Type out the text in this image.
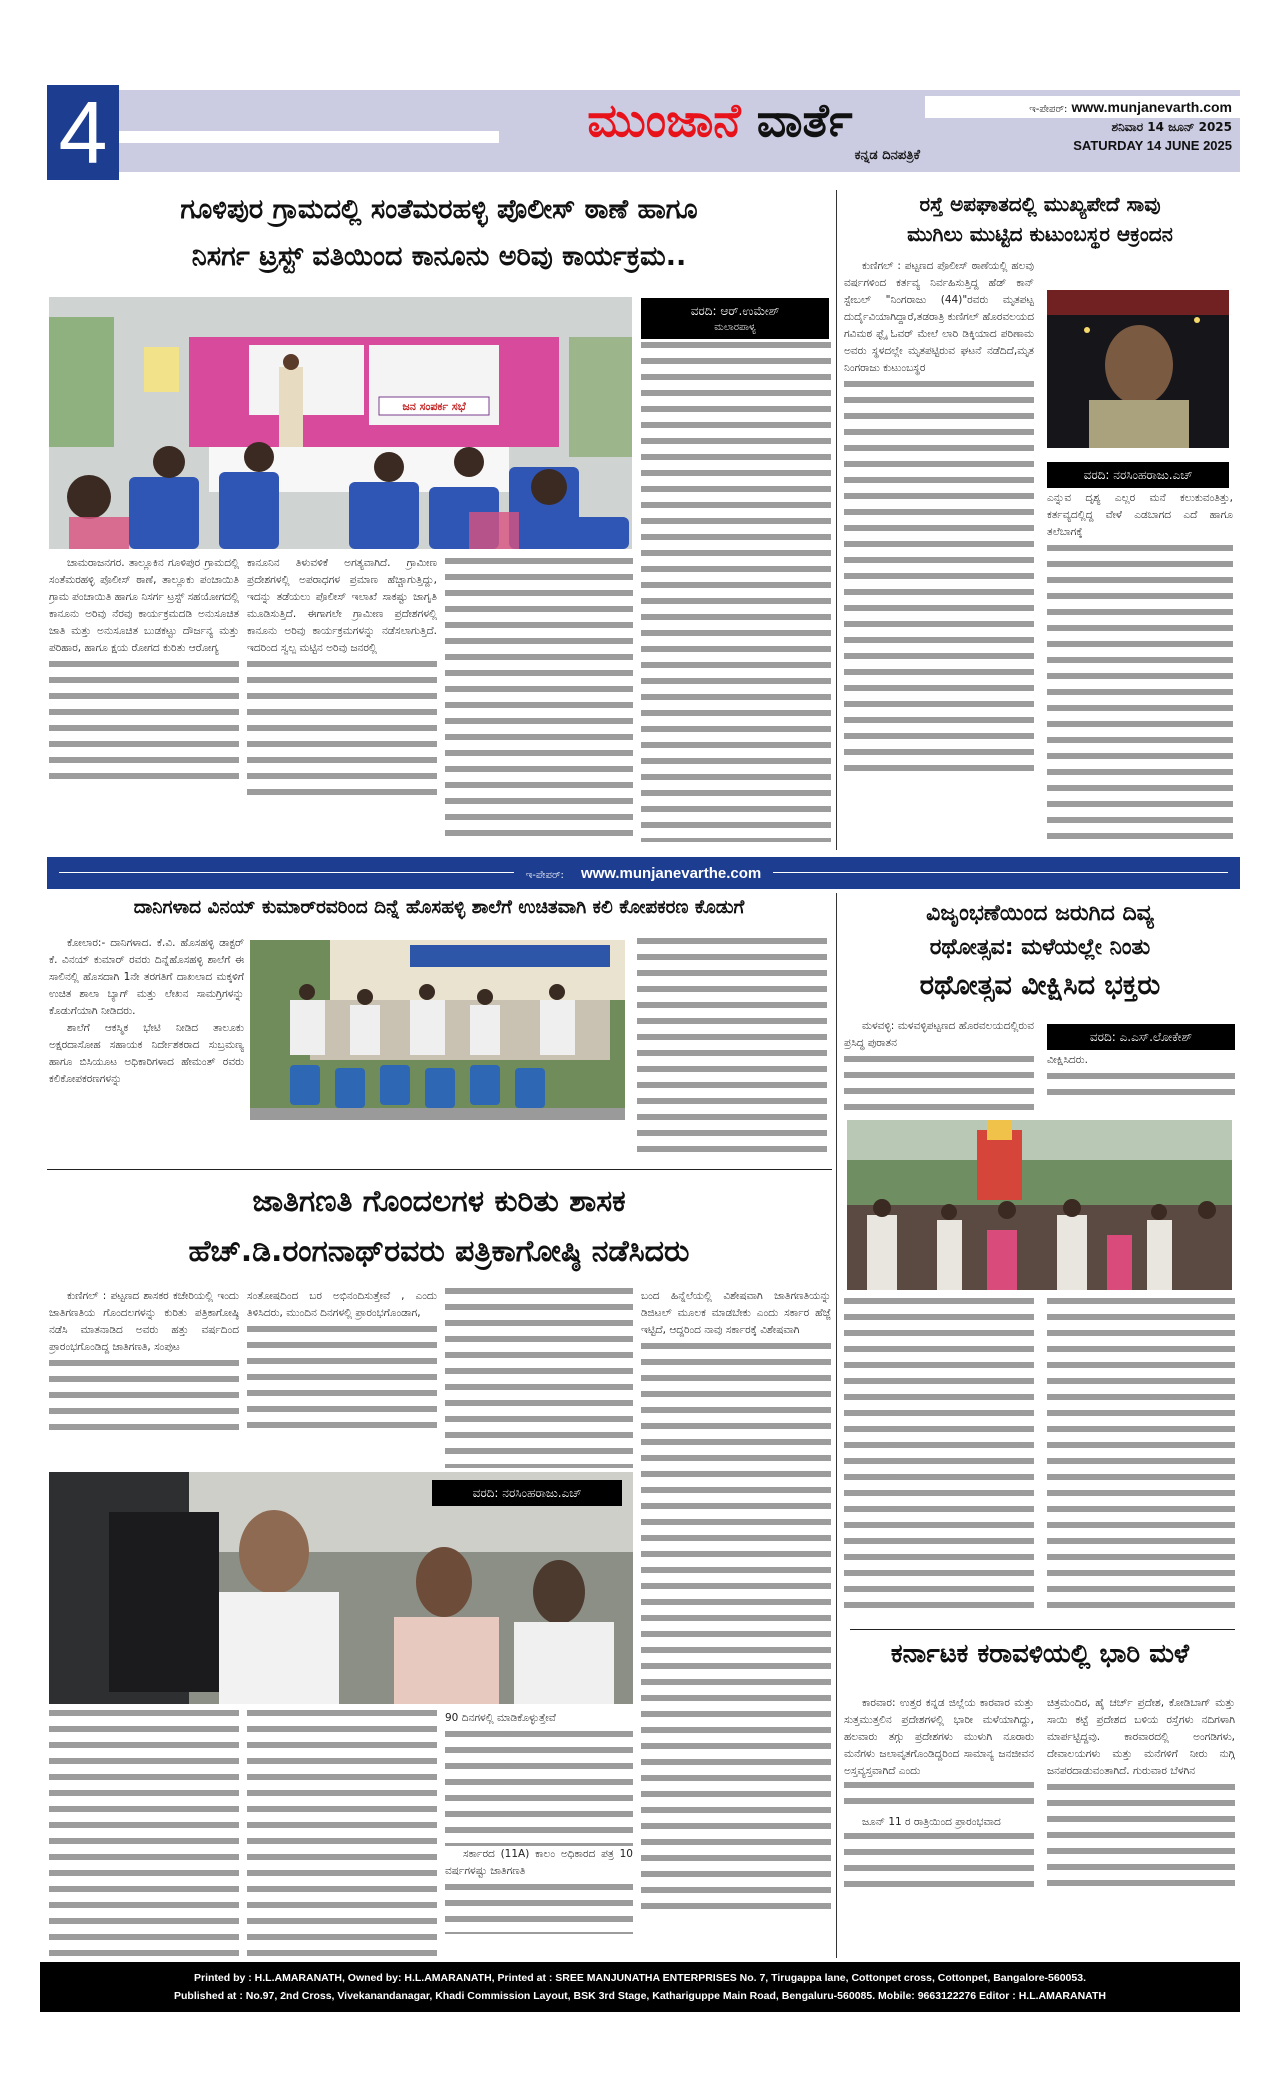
4	ಮುಂಜಾನೆ ವಾರ್ತೆ
ಕನ್ನಡ ದಿನಪತ್ರಿಕೆ
ಇ-ಪೇಪರ್: www.munjanevarth.com
ಶನಿವಾರ 14 ಜೂನ್ 2025
SATURDAY 14 JUNE 2025
ಗೂಳಿಪುರ ಗ್ರಾಮದಲ್ಲಿ ಸಂತೆಮರಹಳ್ಳಿ ಪೊಲೀಸ್ ಠಾಣೆ ಹಾಗೂ
ನಿಸರ್ಗ ಟ್ರಸ್ಟ್ ವತಿಯಿಂದ ಕಾನೂನು ಅರಿವು ಕಾರ್ಯಕ್ರಮ..
ಜನ ಸಂಪರ್ಕ ಸಭೆ
ವರದಿ: ಆರ್.ಉಮೇಶ್
ಮಲಾರಪಾಳ್ಯ

ಚಾಮರಾಜನಗರ. ತಾಲ್ಲೂಕಿನ ಗೂಳಿಪುರ ಗ್ರಾಮದಲ್ಲಿ ಸಂತೆಮರಹಳ್ಳಿ ಪೊಲೀಸ್ ಠಾಣೆ, ತಾಲ್ಲೂಕು ಪಂಚಾಯಿತಿ ಗ್ರಾಮ ಪಂಚಾಯಿತಿ ಹಾಗೂ ನಿಸರ್ಗ ಟ್ರಸ್ಟ್ ಸಹಯೋಗದಲ್ಲಿ ಕಾನೂನು ಅರಿವು ನೆರವು ಕಾರ್ಯಕ್ರಮದಡಿ ಅನುಸೂಚಿತ ಜಾತಿ ಮತ್ತು ಅನುಸೂಚಿತ ಬುಡಕಟ್ಟು ದೌರ್ಜನ್ಯ ಮತ್ತು ಪರಿಹಾರ, ಹಾಗೂ ಕ್ಷಯ ರೋಗದ ಕುರಿತು ಆರೋಗ್ಯ

ಕಾನೂನಿನ ತಿಳುವಳಿಕೆ ಅಗತ್ಯವಾಗಿದೆ. ಗ್ರಾಮೀಣ ಪ್ರದೇಶಗಳಲ್ಲಿ ಅಪರಾಧಗಳ ಪ್ರಮಾಣ ಹೆಚ್ಚಾಗುತ್ತಿದ್ದು, ಇದನ್ನು ತಡೆಯಲು ಪೊಲೀಸ್ ಇಲಾಖೆ ಸಾಕಷ್ಟು ಜಾಗೃತಿ ಮೂಡಿಸುತ್ತಿದೆ. ಈಗಾಗಲೇ ಗ್ರಾಮೀಣ ಪ್ರದೇಶಗಳಲ್ಲಿ ಕಾನೂನು ಅರಿವು ಕಾರ್ಯಕ್ರಮಗಳನ್ನು ನಡೆಸಲಾಗುತ್ತಿದೆ. ಇದರಿಂದ ಸ್ವಲ್ಪ ಮಟ್ಟಿನ ಅರಿವು ಜನರಲ್ಲಿ

ರಸ್ತೆ ಅಪಘಾತದಲ್ಲಿ ಮುಖ್ಯಪೇದೆ ಸಾವು
ಮುಗಿಲು ಮುಟ್ಟಿದ ಕುಟುಂಬಸ್ಥರ ಆಕ್ರಂದನ

ಕುಣಿಗಲ್ : ಪಟ್ಟಣದ ಪೊಲೀಸ್ ಠಾಣೆಯಲ್ಲಿ ಹಲವು ವರ್ಷಗಳಿಂದ ಕರ್ತವ್ಯ ನಿರ್ವಹಿಸುತ್ತಿದ್ದ ಹೆಡ್ ಕಾನ್ ಸ್ಟೇಬಲ್ "ನಿಂಗರಾಜು (44)"ರವರು ಮೃತಪಟ್ಟ ದುರ್ದೈವಿಯಾಗಿದ್ದಾರೆ,ತಡರಾತ್ರಿ ಕುಣಿಗಲ್ ಹೊರವಲಯದ ಗವಿಮಠ ಫ್ಲೈ ಓವರ್ ಮೇಲೆ ಲಾರಿ ಡಿಕ್ಕಿಯಾದ ಪರಿಣಾಮ ಅವರು ಸ್ಥಳದಲ್ಲೇ ಮೃತಪಟ್ಟಿರುವ ಘಟನೆ ನಡೆದಿದೆ,ಮೃತ ನಿಂಗರಾಜು ಕುಟುಂಬಸ್ಥರ

ವರದಿ: ನರಸಿಂಹರಾಜು.ಎಚ್

ಎನ್ನುವ ದೃಶ್ಯ ಎಲ್ಲರ ಮನೆ ಕಲುಕುವಂತಿತ್ತು, ಕರ್ತವ್ಯದಲ್ಲಿದ್ದ ವೇಳೆ ಎಡಬಾಗದ ಎದೆ ಹಾಗೂ ತಲೆಬಾಗಕ್ಕೆ

ಇ-ಪೇಪರ್: www.munjanevarthe.com
ದಾನಿಗಳಾದ ವಿನಯ್ ಕುಮಾರ್‌ರವರಿಂದ ದಿನ್ನೆ ಹೊಸಹಳ್ಳಿ ಶಾಲೆಗೆ ಉಚಿತವಾಗಿ ಕಲಿ ಕೋಪಕರಣ ಕೊಡುಗೆ

ಕೋಲಾರ:- ದಾನಿಗಳಾದ. ಕೆ.ವಿ. ಹೊಸಹಳ್ಳಿ ಡಾಕ್ಟರ್ ಕೆ. ವಿನಯ್ ಕುಮಾರ್ ರವರು ದಿನ್ನೆಹೊಸಹಳ್ಳಿ ಶಾಲೆಗೆ ಈ ಸಾಲಿನಲ್ಲಿ ಹೊಸದಾಗಿ 1ನೇ ತರಗತಿಗೆ ದಾಖಲಾದ ಮಕ್ಕಳಿಗೆ ಉಚಿತ ಶಾಲಾ ಬ್ಯಾಗ್ ಮತ್ತು ಲೇಖನ ಸಾಮಗ್ರಿಗಳನ್ನು ಕೊಡುಗೆಯಾಗಿ ನೀಡಿದರು.

ಶಾಲೆಗೆ ಆಕಸ್ಮಿಕ ಭೇಟಿ ನೀಡಿದ ತಾಲೂಕು ಅಕ್ಷರದಾಸೋಹ ಸಹಾಯಕ ನಿರ್ದೇಶಕರಾದ ಸುಬ್ರಮಣ್ಯ ಹಾಗೂ ಬಿಸಿಯೂಟ ಅಧಿಕಾರಿಗಳಾದ ಹೇಮಂತ್ ರವರು ಕಲಿಕೋಪಕರಣಗಳನ್ನು

ವಿಜೃಂಭಣೆಯಿಂದ ಜರುಗಿದ ದಿವ್ಯ
ರಥೋತ್ಸವ: ಮಳೆಯಲ್ಲೇ ನಿಂತು
ರಥೋತ್ಸವ ವೀಕ್ಷಿಸಿದ ಭಕ್ತರು

ಮಳವಳ್ಳಿ: ಮಳವಳ್ಳಿಪಟ್ಟಣದ ಹೊರವಲಯದಲ್ಲಿರುವ ಪ್ರಸಿದ್ಧ ಪುರಾತನ	ವರದಿ: ಎ.ಎಸ್.ಲೋಕೇಶ್

ವೀಕ್ಷಿಸಿದರು.

ಕರ್ನಾಟಕ ಕರಾವಳಿಯಲ್ಲಿ ಭಾರಿ ಮಳೆ

ಕಾರವಾರ: ಉತ್ತರ ಕನ್ನಡ ಜಿಲ್ಲೆಯ ಕಾರವಾರ ಮತ್ತು ಸುತ್ತಮುತ್ತಲಿನ ಪ್ರದೇಶಗಳಲ್ಲಿ ಭಾರೀ ಮಳೆಯಾಗಿದ್ದು, ಹಲವಾರು ತಗ್ಗು ಪ್ರದೇಶಗಳು ಮುಳುಗಿ ನೂರಾರು ಮನೆಗಳು ಜಲಾವೃತಗೊಂಡಿದ್ದರಿಂದ ಸಾಮಾನ್ಯ ಜನಜೀವನ ಅಸ್ತವ್ಯಸ್ತವಾಗಿದೆ ಎಂದು

ಜೂನ್ 11 ರ ರಾತ್ರಿಯಿಂದ ಪ್ರಾರಂಭವಾದ

ಚಿತ್ರಮಂದಿರ, ಹೈ ಚರ್ಚ್ ಪ್ರದೇಶ, ಕೋಡಿಬಾಗ್ ಮತ್ತು ಸಾಯಿ ಕಟ್ಟೆ ಪ್ರದೇಶದ ಬಳಿಯ ರಸ್ತೆಗಳು ನದಿಗಳಾಗಿ ಮಾರ್ಪಟ್ಟಿದ್ದವು. ಕಾರವಾರದಲ್ಲಿ ಅಂಗಡಿಗಳು, ದೇವಾಲಯಗಳು ಮತ್ತು ಮನೆಗಳಿಗೆ ನೀರು ನುಗ್ಗಿ ಜನಪರದಾಡುವಂತಾಗಿದೆ. ಗುರುವಾರ ಬೆಳಗಿನ

ಜಾತಿಗಣತಿ ಗೊಂದಲಗಳ ಕುರಿತು ಶಾಸಕ
ಹೆಚ್.ಡಿ.ರಂಗನಾಥ್‌ರವರು ಪತ್ರಿಕಾಗೋಷ್ಠಿ ನಡೆಸಿದರು

ಕುಣಿಗಲ್ : ಪಟ್ಟಣದ ಶಾಸಕರ ಕಚೇರಿಯಲ್ಲಿ ಇಂದು ಜಾತಿಗಣತಿಯ ಗೊಂದಲಗಳನ್ನು ಕುರಿತು ಪತ್ರಿಕಾಗೋಷ್ಠಿ ನಡೆಸಿ ಮಾತನಾಡಿದ ಅವರು ಹತ್ತು ವರ್ಷದಿಂದ ಪ್ರಾರಂಭಗೊಂಡಿದ್ದ ಜಾತಿಗಣತಿ, ಸಂಪುಟ

ಸಂತೋಷದಿಂದ ಬರ ಅಭಿನಂದಿಸುತ್ತೇವೆ , ಎಂದು ತಿಳಿಸಿದರು, ಮುಂದಿನ ದಿನಗಳಲ್ಲಿ ಪ್ರಾರಂಭಗೊಂಡಾಗ,

ಬಂದ ಹಿನ್ನೆಲೆಯಲ್ಲಿ ವಿಶೇಷವಾಗಿ ಜಾತಿಗಣತಿಯನ್ನು ಡಿಜಿಟಲ್ ಮೂಲಕ ಮಾಡಬೇಕು ಎಂದು ಸರ್ಕಾರ ಹೆಜ್ಜೆ ಇಟ್ಟಿದೆ, ಆದ್ದರಿಂದ ನಾವು ಸರ್ಕಾರಕ್ಕೆ ವಿಶೇಷವಾಗಿ

ವರದಿ: ನರಸಿಂಹರಾಜು.ಎಚ್

90 ದಿನಗಳಲ್ಲಿ ಮಾಡಿಕೊಳ್ಳುತ್ತೇವೆ

ಸರ್ಕಾರದ (11A) ಕಾಲಂ ಅಧಿಕಾರದ ಪತ್ರ 10 ವರ್ಷಗಳಷ್ಟು ಜಾತಿಗಣತಿ

Printed by : H.L.AMARANATH, Owned by: H.L.AMARANATH, Printed at : SREE MANJUNATHA ENTERPRISES No. 7, Tirugappa lane, Cottonpet cross, Cottonpet, Bangalore-560053.
Published at : No.97, 2nd Cross, Vivekanandanagar, Khadi Commission Layout, BSK 3rd Stage, Kathariguppe Main Road, Bengaluru-560085. Mobile: 9663122276 Editor : H.L.AMARANATH
